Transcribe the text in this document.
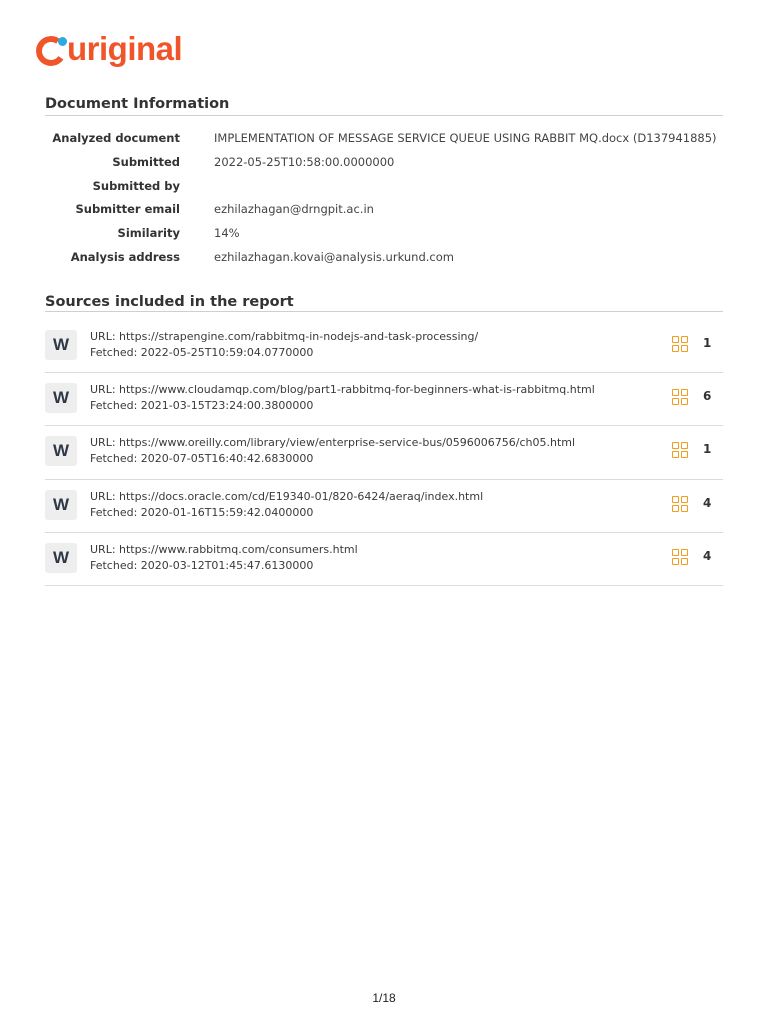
uriginal
Document Information
Analyzed document	IMPLEMENTATION OF MESSAGE SERVICE QUEUE USING RABBIT MQ.docx (D137941885)
Submitted	2022-05-25T10:58:00.0000000
Submitted by
Submitter email	ezhilazhagan@drngpit.ac.in
Similarity	14%
Analysis address	ezhilazhagan.kovai@analysis.urkund.com
Sources included in the report
W	URL: https://strapengine.com/rabbitmq-in-nodejs-and-task-processing/
Fetched: 2022-05-25T10:59:04.0770000
1
W	URL: https://www.cloudamqp.com/blog/part1-rabbitmq-for-beginners-what-is-rabbitmq.html
Fetched: 2021-03-15T23:24:00.3800000
6
W	URL: https://www.oreilly.com/library/view/enterprise-service-bus/0596006756/ch05.html
Fetched: 2020-07-05T16:40:42.6830000
1
W	URL: https://docs.oracle.com/cd/E19340-01/820-6424/aeraq/index.html
Fetched: 2020-01-16T15:59:42.0400000
4
W	URL: https://www.rabbitmq.com/consumers.html
Fetched: 2020-03-12T01:45:47.6130000
4
1/18
